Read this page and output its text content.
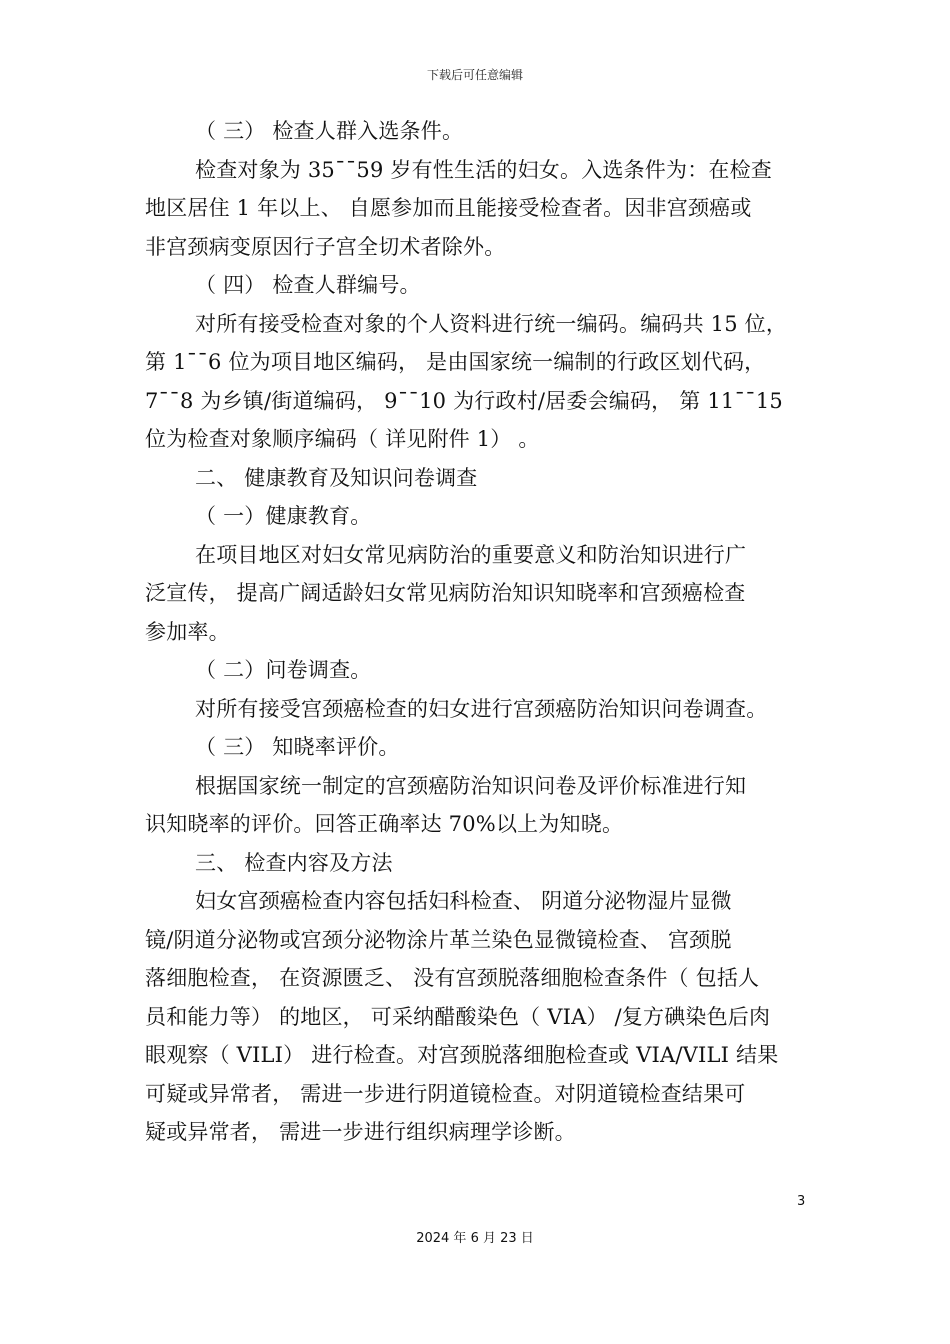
下载后可任意编辑
（ 三） 检查人群入选条件。
检查对象为 35¯¯59 岁有性生活的妇女。入选条件为：在检查
地区居住 1 年以上、 自愿参加而且能接受检查者。因非宫颈癌或
非宫颈病变原因行子宫全切术者除外。
（ 四） 检查人群编号。
对所有接受检查对象的个人资料进行统一编码。编码共 15 位，
第 1¯¯6 位为项目地区编码， 是由国家统一编制的行政区划代码，
7¯¯8 为乡镇/街道编码， 9¯¯10 为行政村/居委会编码， 第 11¯¯15
位为检查对象顺序编码（ 详见附件 1） 。
二、 健康教育及知识问卷调查
（ 一）健康教育。
在项目地区对妇女常见病防治的重要意义和防治知识进行广
泛宣传， 提高广阔适龄妇女常见病防治知识知晓率和宫颈癌检查
参加率。
（ 二）问卷调查。
对所有接受宫颈癌检查的妇女进行宫颈癌防治知识问卷调查。
（ 三） 知晓率评价。
根据国家统一制定的宫颈癌防治知识问卷及评价标准进行知
识知晓率的评价。回答正确率达 70%以上为知晓。
三、 检查内容及方法
妇女宫颈癌检查内容包括妇科检查、 阴道分泌物湿片显微
镜/阴道分泌物或宫颈分泌物涂片革兰染色显微镜检查、 宫颈脱
落细胞检查， 在资源匮乏、 没有宫颈脱落细胞检查条件（ 包括人
员和能力等） 的地区， 可采纳醋酸染色（ VIA） /复方碘染色后肉
眼观察（ VILI） 进行检查。对宫颈脱落细胞检查或 VIA/VILI 结果
可疑或异常者， 需进一步进行阴道镜检查。对阴道镜检查结果可
疑或异常者， 需进一步进行组织病理学诊断。
3
2024 年 6 月 23 日
